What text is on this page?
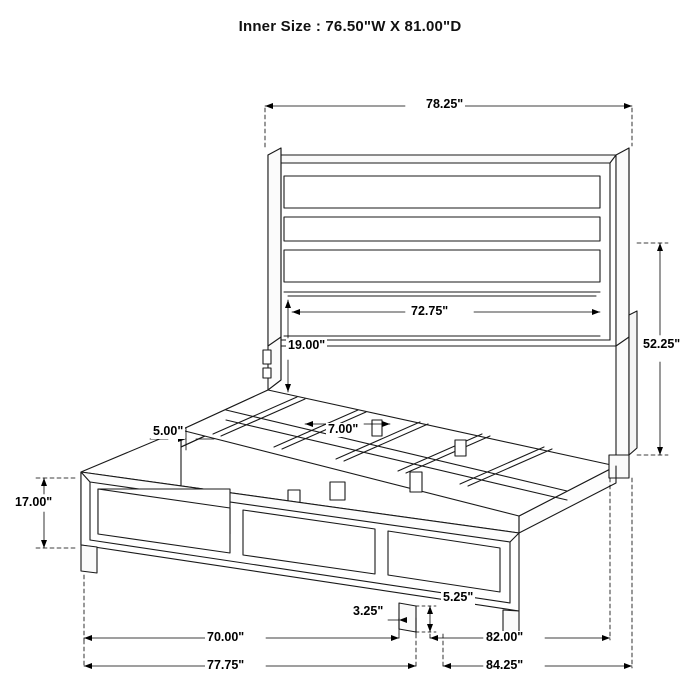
Inner Size : 76.50"W X 81.00"D
78.25"
52.25"
72.75"
19.00"
5.00"	7.00"
17.00"
5.25"
3.25"
70.00"	82.00"
77.75"	84.25"
